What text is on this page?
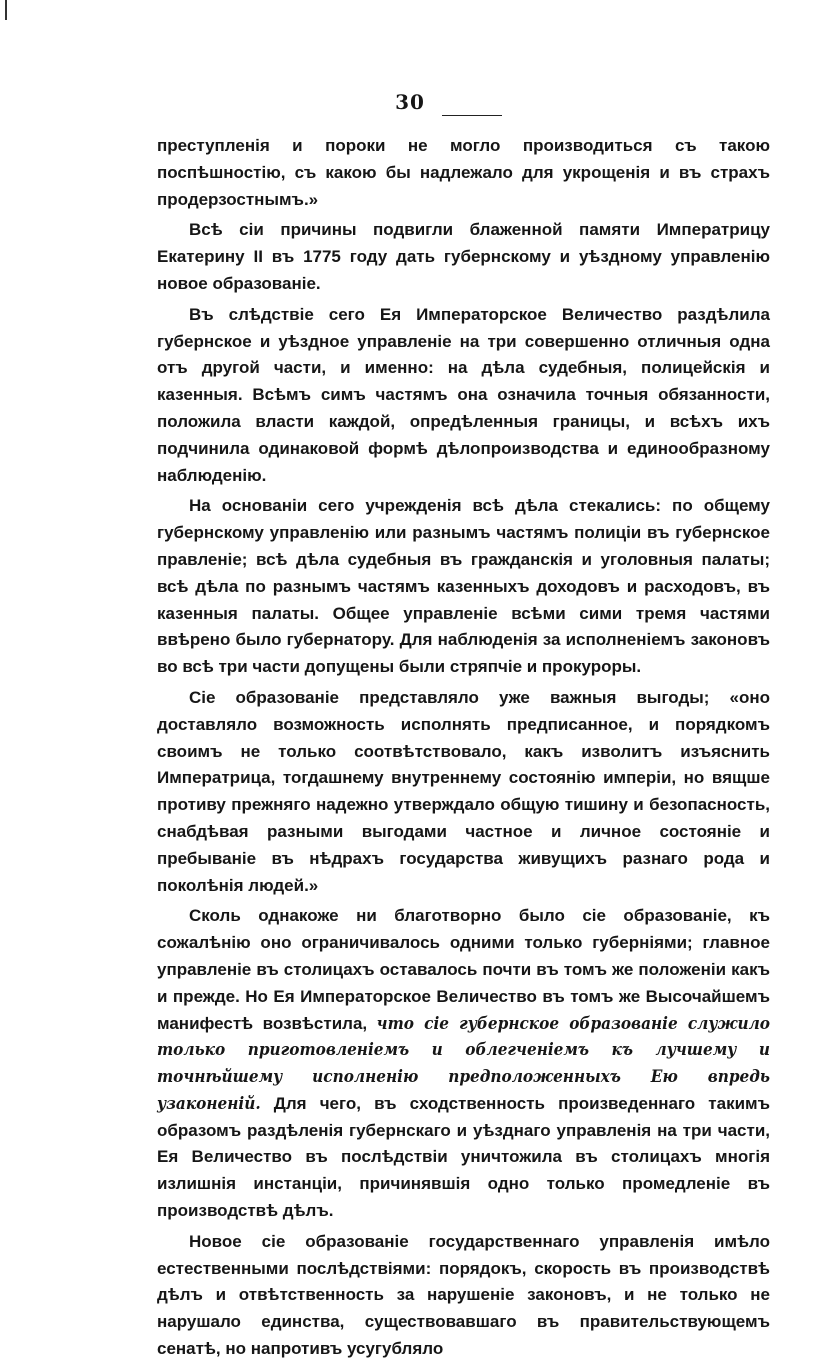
30

преступленія и пороки не могло производиться съ такою поспѣшностію, съ какою бы надлежало для укрощенія и въ страхъ продерзостнымъ.»

Всѣ сіи причины подвигли блаженной памяти Императрицу Екатерину II въ 1775 году дать губернскому и уѣздному управленію новое образованіе.

Въ слѣдствіе сего Ея Императорское Величество раздѣлила губернское и уѣздное управленіе на три совершенно отличныя одна отъ другой части, и именно: на дѣла судебныя, полицейскія и казенныя. Всѣмъ симъ частямъ она означила точныя обязанности, положила власти каждой, опредѣленныя границы, и всѣхъ ихъ подчинила одинаковой формѣ дѣлопроизводства и единообразному наблюденію.

На основаніи сего учрежденія всѣ дѣла стекались: по общему губернскому управленію или разнымъ частямъ полиціи въ губернское правленіе; всѣ дѣла судебныя въ гражданскія и уголовныя палаты; всѣ дѣла по разнымъ частямъ казенныхъ доходовъ и расходовъ, въ казенныя палаты. Общее управленіе всѣми сими тремя частями ввѣрено было губернатору. Для наблюденія за исполненіемъ законовъ во всѣ три части допущены были стряпчіе и прокуроры.

Сіе образованіе представляло уже важныя выгоды; «оно доставляло возможность исполнять предписанное, и порядкомъ своимъ не только соотвѣтствовало, какъ изволитъ изъяснить Императрица, тогдашнему внутреннему состоянію имперіи, но вящше противу прежняго надежно утверждало общую тишину и безопасность, снабдѣвая разными выгодами частное и личное состояніе и пребываніе въ нѣдрахъ государства живущихъ разнаго рода и поколѣнія людей.»

Сколь однакоже ни благотворно было сіе образованіе, къ сожалѣнію оно ограничивалось одними только губерніями; главное управленіе въ столицахъ оставалось почти въ томъ же положеніи какъ и прежде. Но Ея Императорское Величество въ томъ же Высочайшемъ манифестѣ возвѣстила, что сіе губернское образованіе служило только приготовленіемъ и облегченіемъ къ лучшему и точнѣйшему исполненію предположенныхъ Ею впредь узаконеній. Для чего, въ сходственность произведеннаго такимъ образомъ раздѣленія губернскаго и уѣзднаго управленія на три части, Ея Величество въ послѣдствіи уничтожила въ столицахъ многія излишнія инстанціи, причинявшія одно только промедленіе въ производствѣ дѣлъ.

Новое сіе образованіе государственнаго управленія имѣло естественными послѣдствіями: порядокъ, скорость въ производствѣ дѣлъ и отвѣтственность за нарушеніе законовъ, и не только не нарушало единства, существовавшаго въ правительствующемъ сенатѣ, но напротивъ усугубляло
